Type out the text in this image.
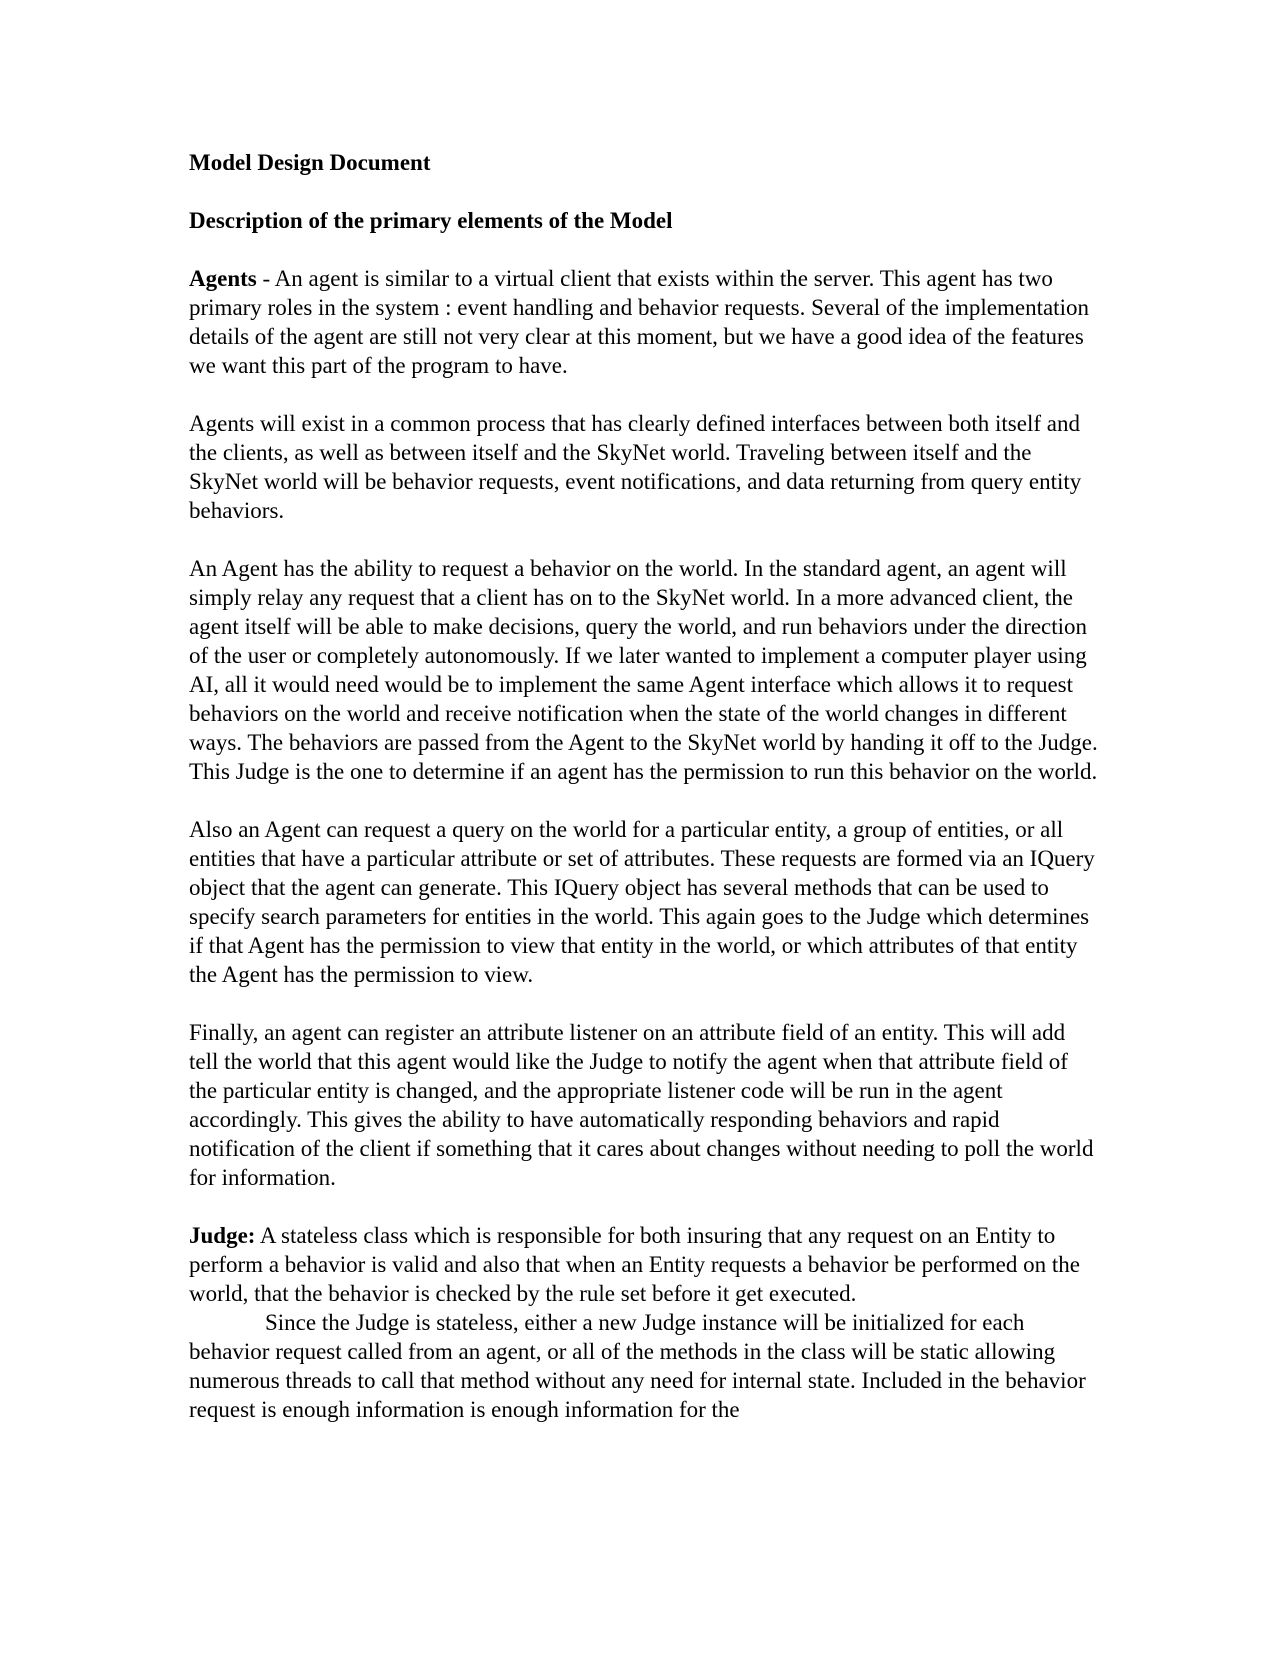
Model Design Document

Description of the primary elements of the Model

Agents - An agent is similar to a virtual client that exists within the server. This agent has two primary roles in the system : event handling and behavior requests. Several of the implementation details of the agent are still not very clear at this moment, but we have a good idea of the features we want this part of the program to have.

Agents will exist in a common process that has clearly defined interfaces between both itself and the clients, as well as between itself and the SkyNet world. Traveling between itself and the SkyNet world will be behavior requests, event notifications, and data returning from query entity behaviors.

An Agent has the ability to request a behavior on the world. In the standard agent, an agent will simply relay any request that a client has on to the SkyNet world. In a more advanced client, the agent itself will be able to make decisions, query the world, and run behaviors under the direction of the user or completely autonomously. If we later wanted to implement a computer player using AI, all it would need would be to implement the same Agent interface which allows it to request behaviors on the world and receive notification when the state of the world changes in different ways. The behaviors are passed from the Agent to the SkyNet world by handing it off to the Judge. This Judge is the one to determine if an agent has the permission to run this behavior on the world.

Also an Agent can request a query on the world for a particular entity, a group of entities, or all entities that have a particular attribute or set of attributes. These requests are formed via an IQuery object that the agent can generate. This IQuery object has several methods that can be used to specify search parameters for entities in the world. This again goes to the Judge which determines if that Agent has the permission to view that entity in the world, or which attributes of that entity the Agent has the permission to view.

Finally, an agent can register an attribute listener on an attribute field of an entity. This will add tell the world that this agent would like the Judge to notify the agent when that attribute field of the particular entity is changed, and the appropriate listener code will be run in the agent accordingly. This gives the ability to have automatically responding behaviors and rapid notification of the client if something that it cares about changes without needing to poll the world for information.

Judge: A stateless class which is responsible for both insuring that any request on an Entity to perform a behavior is valid and also that when an Entity requests a behavior be performed on the world, that the behavior is checked by the rule set before it get executed.

Since the Judge is stateless, either a new Judge instance will be initialized for each behavior request called from an agent, or all of the methods in the class will be static allowing numerous threads to call that method without any need for internal state. Included in the behavior request is enough information is enough information for the
